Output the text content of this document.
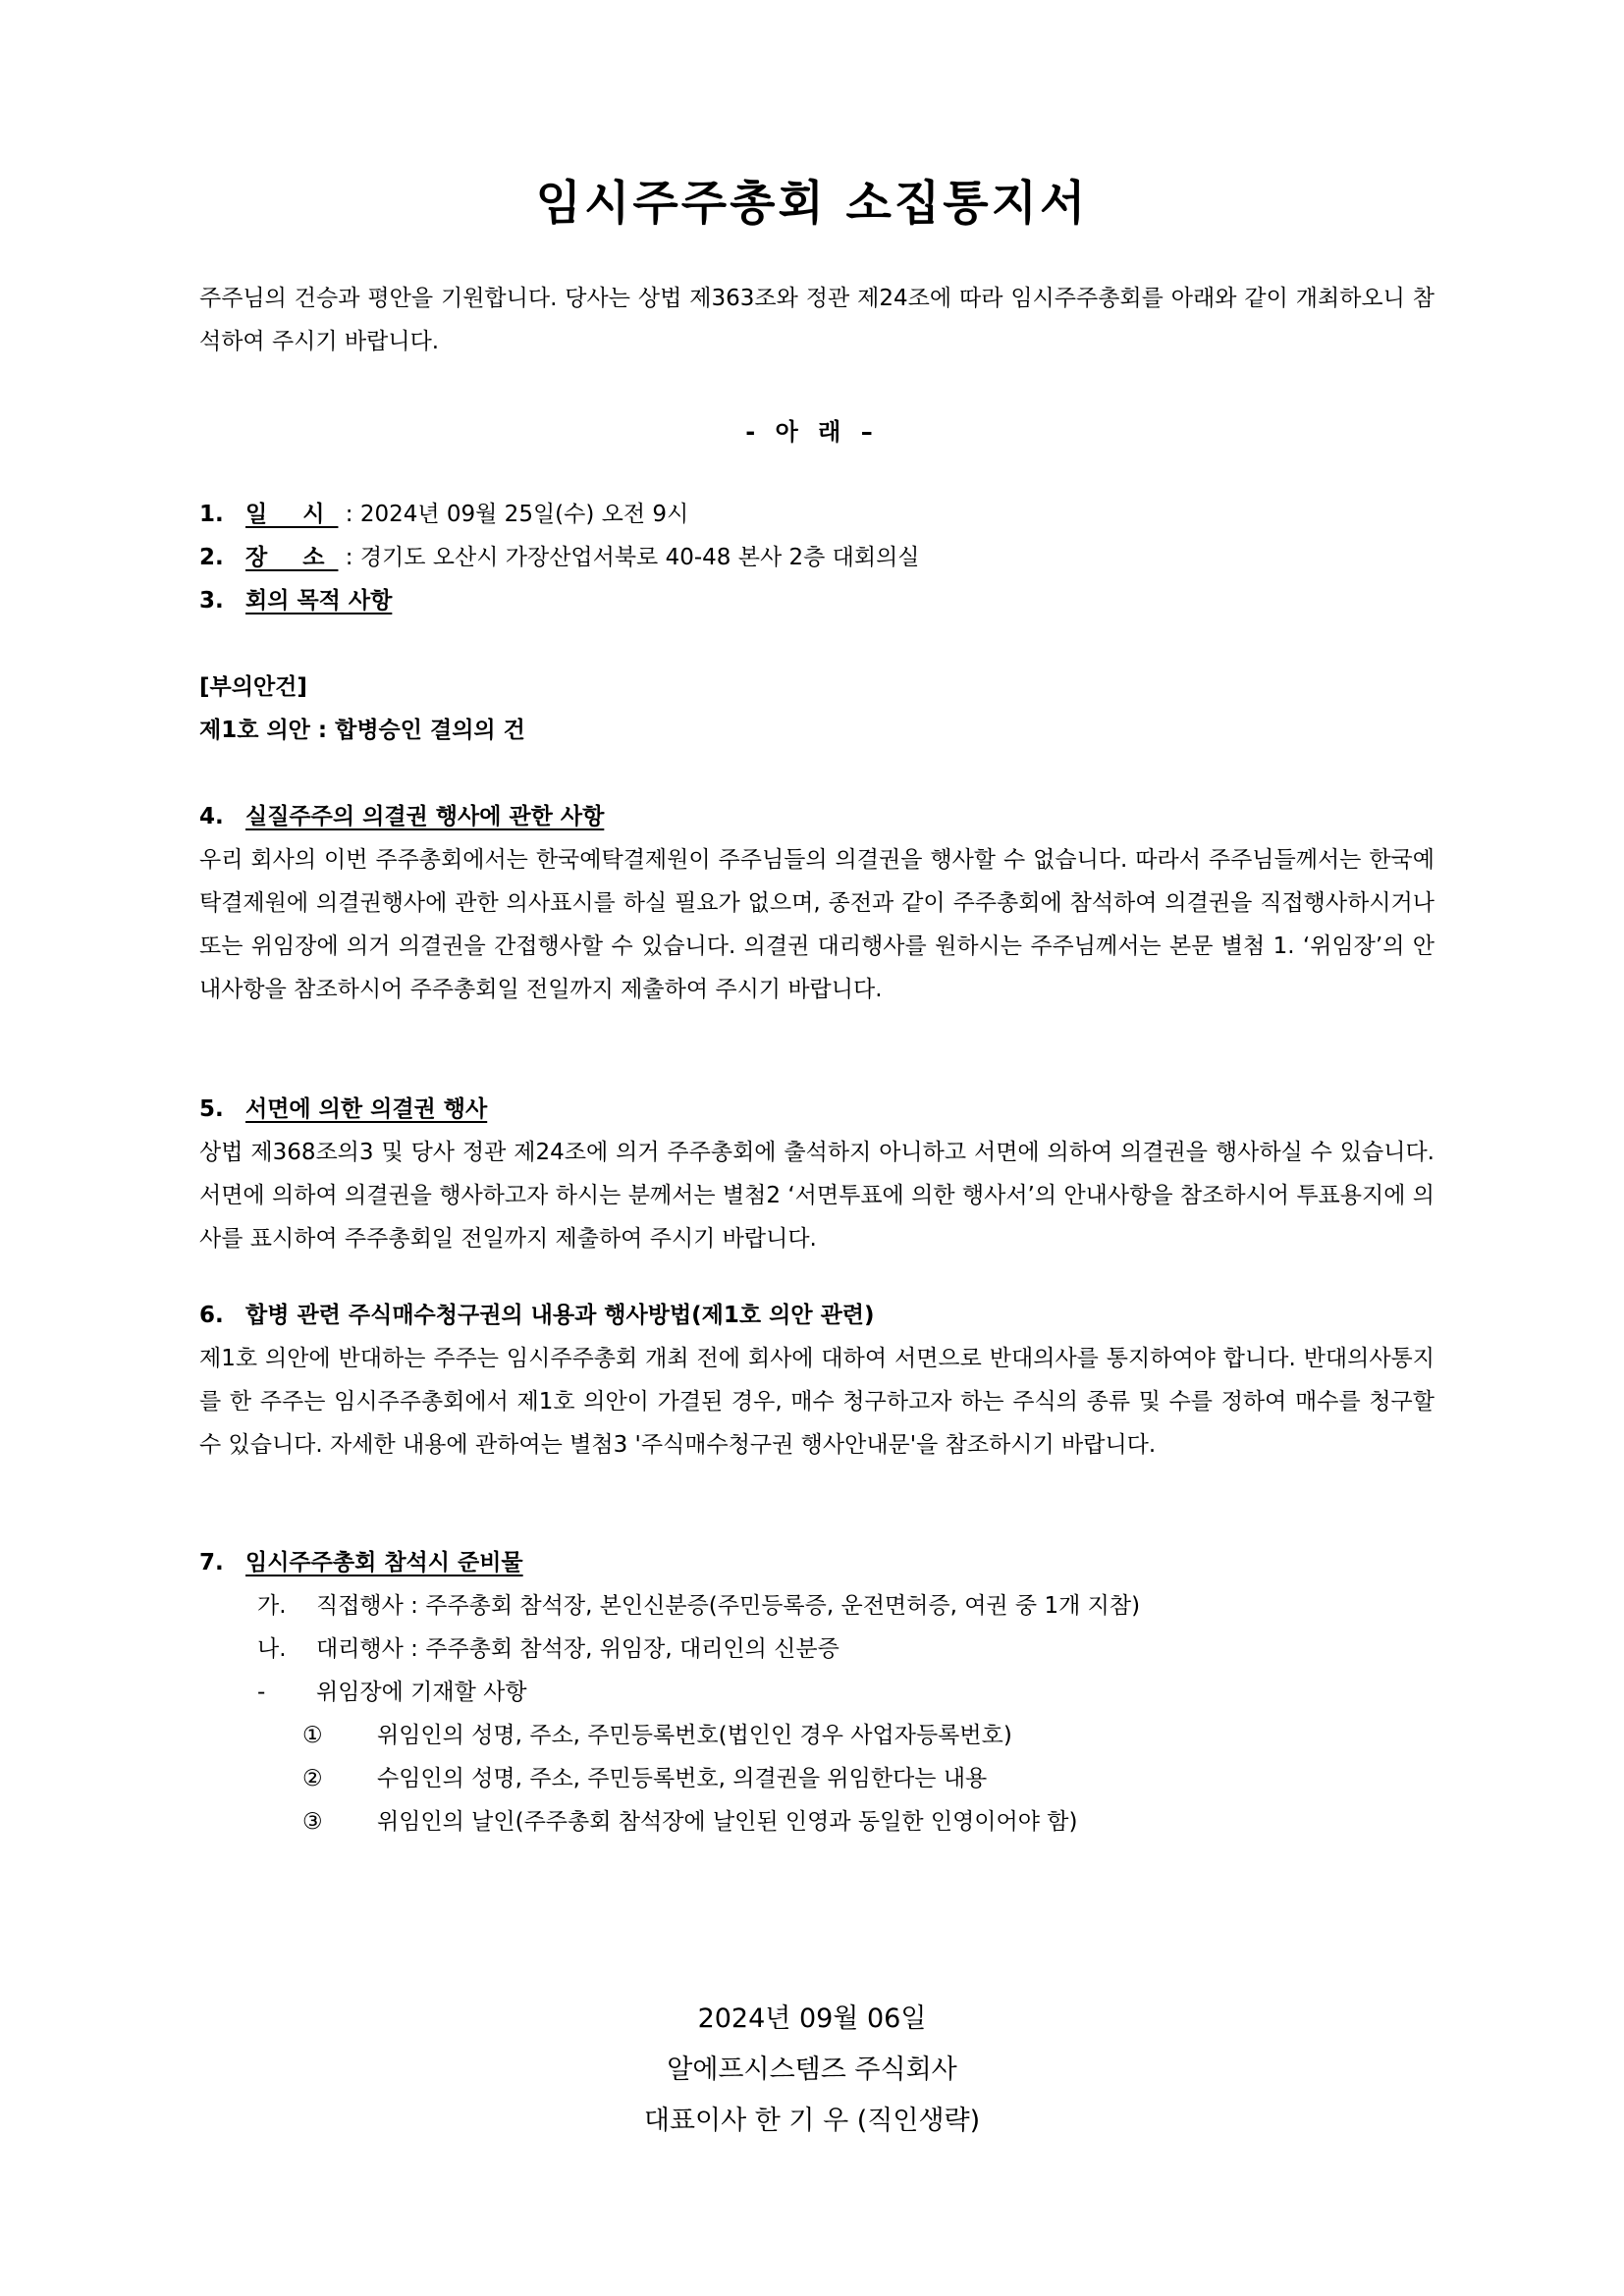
임시주주총회 소집통지서

주주님의 건승과 평안을 기원합니다. 당사는 상법 제363조와 정관 제24조에 따라 임시주주총회를 아래와 같이 개최하오니 참석하여 주시기 바랍니다.

- 아 래 –

1. 일 시 : 2024년 09월 25일(수) 오전 9시

2. 장 소 : 경기도 오산시 가장산업서북로 40-48 본사 2층 대회의실

3. 회의 목적 사항

[부의안건]

제1호 의안 : 합병승인 결의의 건

4. 실질주주의 의결권 행사에 관한 사항

우리 회사의 이번 주주총회에서는 한국예탁결제원이 주주님들의 의결권을 행사할 수 없습니다. 따라서 주주님들께서는 한국예탁결제원에 의결권행사에 관한 의사표시를 하실 필요가 없으며, 종전과 같이 주주총회에 참석하여 의결권을 직접행사하시거나 또는 위임장에 의거 의결권을 간접행사할 수 있습니다. 의결권 대리행사를 원하시는 주주님께서는 본문 별첨 1. ‘위임장’의 안내사항을 참조하시어 주주총회일 전일까지 제출하여 주시기 바랍니다.

5. 서면에 의한 의결권 행사

상법 제368조의3 및 당사 정관 제24조에 의거 주주총회에 출석하지 아니하고 서면에 의하여 의결권을 행사하실 수 있습니다. 서면에 의하여 의결권을 행사하고자 하시는 분께서는 별첨2 ‘서면투표에 의한 행사서’의 안내사항을 참조하시어 투표용지에 의사를 표시하여 주주총회일 전일까지 제출하여 주시기 바랍니다.

6. 합병 관련 주식매수청구권의 내용과 행사방법(제1호 의안 관련)

제1호 의안에 반대하는 주주는 임시주주총회 개최 전에 회사에 대하여 서면으로 반대의사를 통지하여야 합니다. 반대의사통지를 한 주주는 임시주주총회에서 제1호 의안이 가결된 경우, 매수 청구하고자 하는 주식의 종류 및 수를 정하여 매수를 청구할 수 있습니다. 자세한 내용에 관하여는 별첨3 '주식매수청구권 행사안내문'을 참조하시기 바랍니다.

7. 임시주주총회 참석시 준비물

가. 직접행사 : 주주총회 참석장, 본인신분증(주민등록증, 운전면허증, 여권 중 1개 지참)

나. 대리행사 : 주주총회 참석장, 위임장, 대리인의 신분증

- 위임장에 기재할 사항

① 위임인의 성명, 주소, 주민등록번호(법인인 경우 사업자등록번호)

② 수임인의 성명, 주소, 주민등록번호, 의결권을 위임한다는 내용

③ 위임인의 날인(주주총회 참석장에 날인된 인영과 동일한 인영이어야 함)

2024년 09월 06일

알에프시스템즈 주식회사

대표이사 한 기 우 (직인생략)
